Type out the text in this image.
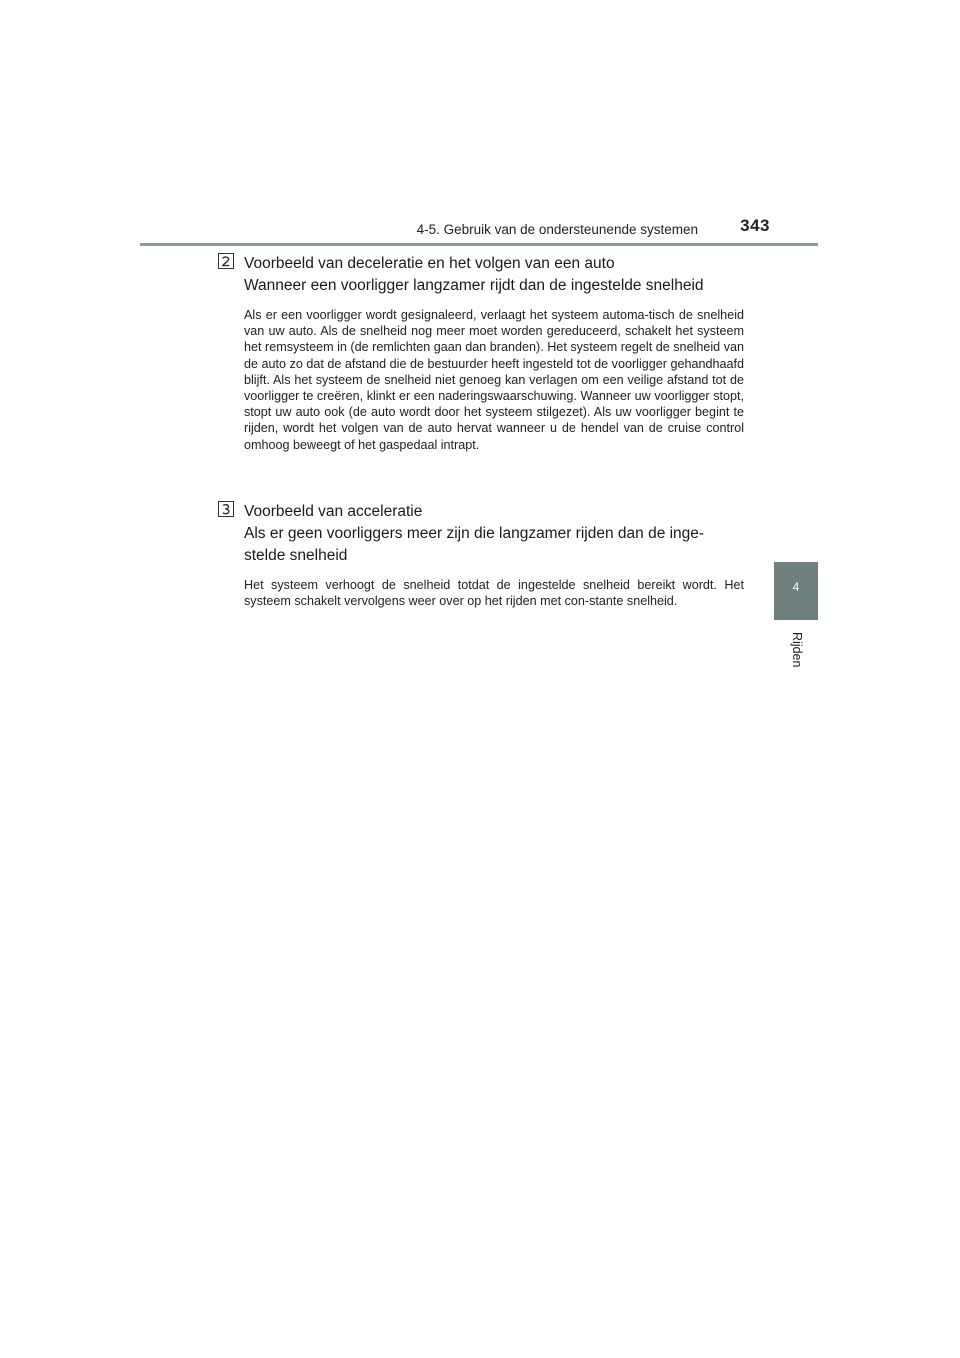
4-5. Gebruik van de ondersteunende systemen 343
4
Rijden
Voorbeeld van deceleratie en het volgen van een auto
Wanneer een voorligger langzamer rijdt dan de ingestelde snelheid
Als er een voorligger wordt gesignaleerd, verlaagt het systeem automa-tisch de snelheid van uw auto. Als de snelheid nog meer moet worden gereduceerd, schakelt het systeem het remsysteem in (de remlichten gaan dan branden). Het systeem regelt de snelheid van de auto zo dat de afstand die de bestuurder heeft ingesteld tot de voorligger gehandhaafd blijft. Als het systeem de snelheid niet genoeg kan verlagen om een veilige afstand tot de voorligger te creëren, klinkt er een naderingswaarschuwing. Wanneer uw voorligger stopt, stopt uw auto ook (de auto wordt door het systeem stilgezet). Als uw voorligger begint te rijden, wordt het volgen van de auto hervat wanneer u de hendel van de cruise control omhoog beweegt of het gaspedaal intrapt.
Voorbeeld van acceleratie
Als er geen voorliggers meer zijn die langzamer rijden dan de inge-stelde snelheid
Het systeem verhoogt de snelheid totdat de ingestelde snelheid bereikt wordt. Het systeem schakelt vervolgens weer over op het rijden met con-stante snelheid.
